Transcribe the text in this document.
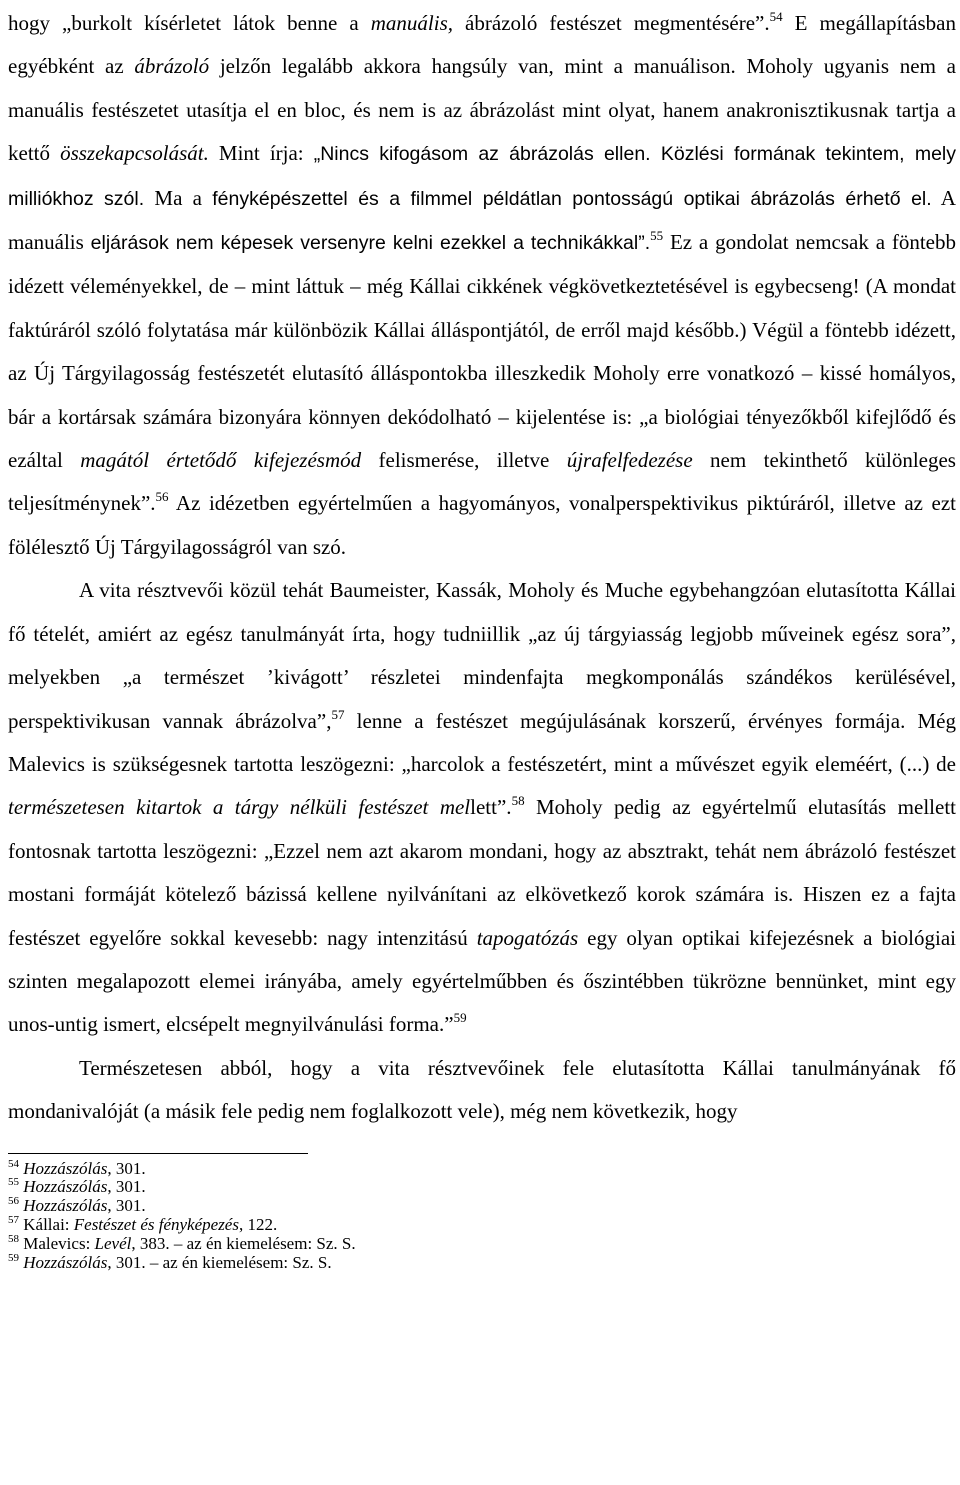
hogy „burkolt kísérletet látok benne a manuális, ábrázoló festészet megmentésére”.$^{54}$ E megállapításban egyébként az ábrázoló jelzőn legalább akkora hangsúly van, mint a manuálison. Moholy ugyanis nem a manuális festészetet utasítja el en bloc, és nem is az ábrázolást mint olyat, hanem anakronisztikusnak tartja a kettő összekapcsolását. Mint írja: „Nincs kifogásom az ábrázolás ellen. Közlési formának tekintem, mely milliókhoz szól. Ma a fényképészettel és a filmmel példátlan pontosságú optikai ábrázolás érhető el. A manuális eljárások nem képesek versenyre kelni ezekkel a technikákkal”.$^{55}$ Ez a gondolat nemcsak a föntebb idézett véleményekkel, de – mint láttuk – még Kállai cikkének végkövetkeztetésével is egybecseng! (A mondat faktúráról szóló folytatása már különbözik Kállai álláspontjától, de erről majd később.) Végül a föntebb idézett, az Új Tárgyilagosság festészetét elutasító álláspontokba illeszkedik Moholy erre vonatkozó – kissé homályos, bár a kortársak számára bizonyára könnyen dekódolható – kijelentése is: „a biológiai tényezőkből kifejlődő és ezáltal magától értetődő kifejezésmód felismerése, illetve újrafelfedezése nem tekinthető különleges teljesítménynek”.$^{56}$ Az idézetben egyértelműen a hagyományos, vonalperspektivikus piktúráról, illetve az ezt fölélesztő Új Tárgyilagosságról van szó.

A vita résztvevői közül tehát Baumeister, Kassák, Moholy és Muche egybehangzóan elutasította Kállai fő tételét, amiért az egész tanulmányát írta, hogy tudniillik „az új tárgyiasság legjobb műveinek egész sora”, melyekben „a természet ’kivágott’ részletei mindenfajta megkomponálás szándékos kerülésével, perspektivikusan vannak ábrázolva”,$^{57}$ lenne a festészet megújulásának korszerű, érvényes formája. Még Malevics is szükségesnek tartotta leszögezni: „harcolok a festészetért, mint a művészet egyik eleméért, (...) de természetesen kitartok a tárgy nélküli festészet mellett”.$^{58}$ Moholy pedig az egyértelmű elutasítás mellett fontosnak tartotta leszögezni: „Ezzel nem azt akarom mondani, hogy az absztrakt, tehát nem ábrázoló festészet mostani formáját kötelező bázissá kellene nyilvánítani az elkövetkező korok számára is. Hiszen ez a fajta festészet egyelőre sokkal kevesebb: nagy intenzitású tapogatózás egy olyan optikai kifejezésnek a biológiai szinten megalapozott elemei irányába, amely egyértelműbben és őszintébben tükrözne bennünket, mint egy unos-untig ismert, elcsépelt megnyilvánulási forma.”$^{59}$

Természetesen abból, hogy a vita résztvevőinek fele elutasította Kállai tanulmányának fő mondanivalóját (a másik fele pedig nem foglalkozott vele), még nem következik, hogy

$^{54}$ Hozzászólás, 301.

$^{55}$ Hozzászólás, 301.

$^{56}$ Hozzászólás, 301.

$^{57}$ Kállai: Festészet és fényképezés, 122.

$^{58}$ Malevics: Levél, 383. – az én kiemelésem: Sz. S.

$^{59}$ Hozzászólás, 301. – az én kiemelésem: Sz. S.
